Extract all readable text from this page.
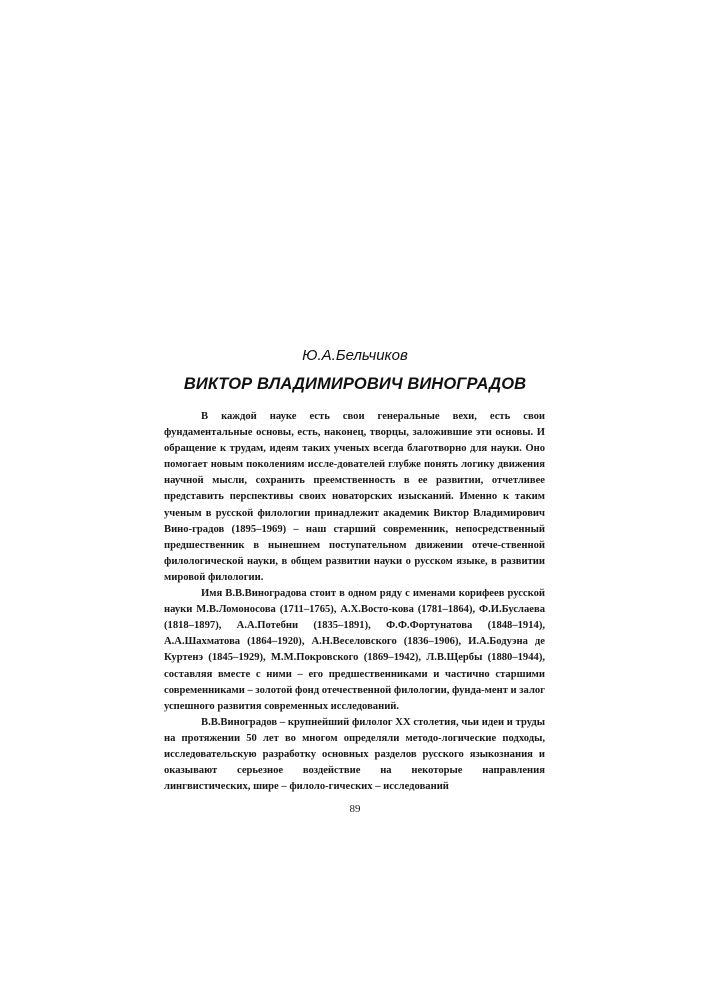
Ю.А.Бельчиков

ВИКТОР ВЛАДИМИРОВИЧ ВИНОГРАДОВ

В каждой науке есть свои генеральные вехи, есть свои фундаментальные основы, есть, наконец, творцы, заложившие эти основы. И обращение к трудам, идеям таких ученых всегда благотворно для науки. Оно помогает новым поколениям иссле-дователей глубже понять логику движения научной мысли, сохранить преемственность в ее развитии, отчетливее представить перспективы своих новаторских изысканий. Именно к таким ученым в русской филологии принадлежит академик Виктор Владимирович Вино-градов (1895–1969) – наш старший современник, непосредственный предшественник в нынешнем поступательном движении отече-ственной филологической науки, в общем развитии науки о русском языке, в развитии мировой филологии.

Имя В.В.Виноградова стоит в одном ряду с именами корифеев русской науки М.В.Ломоносова (1711–1765), А.Х.Восто-кова (1781–1864), Ф.И.Буслаева (1818–1897), А.А.Потебни (1835–1891), Ф.Ф.Фортунатова (1848–1914), А.А.Шахматова (1864–1920), А.Н.Веселовского (1836–1906), И.А.Бодуэна де Куртенэ (1845–1929), М.М.Покровского (1869–1942), Л.В.Щербы (1880–1944), составляя вместе с ними – его предшественниками и частично старшими современниками – золотой фонд отечественной филологии, фунда-мент и залог успешного развития современных исследований.

В.В.Виноградов – крупнейший филолог XX столетия, чьи идеи и труды на протяжении 50 лет во многом определяли методо-логические подходы, исследовательскую разработку основных разделов русского языкознания и оказывают серьезное воздействие на некоторые направления лингвистических, шире – филоло-гических – исследований

89
